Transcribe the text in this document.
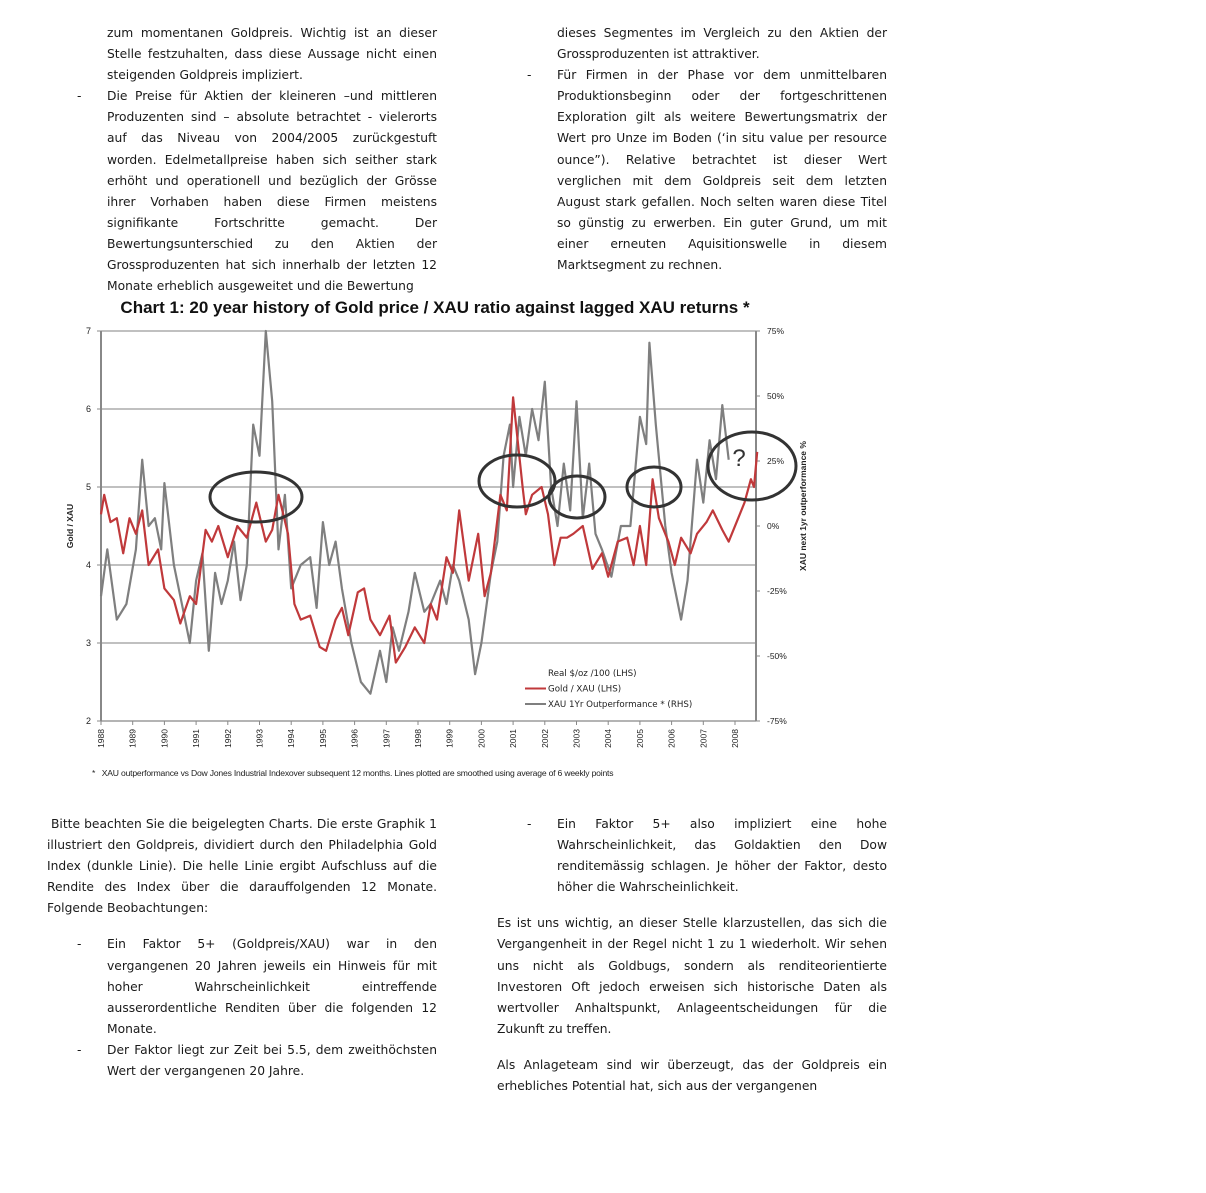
zum momentanen Goldpreis. Wichtig ist an dieser Stelle festzuhalten, dass diese Aussage nicht einen steigenden Goldpreis impliziert.

- Die Preise für Aktien der kleineren –und mittleren Produzenten sind – absolute betrachtet - vielerorts auf das Niveau von 2004/2005 zurückgestuft worden. Edelmetallpreise haben sich seither stark erhöht und operationell und bezüglich der Grösse ihrer Vorhaben haben diese Firmen meistens signifikante Fortschritte gemacht. Der Bewertungsunterschied zu den Aktien der Grossproduzenten hat sich innerhalb der letzten 12 Monate erheblich ausgeweitet und die Bewertung

dieses Segmentes im Vergleich zu den Aktien der Grossproduzenten ist attraktiver.

- Für Firmen in der Phase vor dem unmittelbaren Produktionsbeginn oder der fortgeschrittenen Exploration gilt als weitere Bewertungsmatrix der Wert pro Unze im Boden (‘in situ value per resource ounce”). Relative betrachtet ist dieser Wert verglichen mit dem Goldpreis seit dem letzten August stark gefallen. Noch selten waren diese Titel so günstig zu erwerben. Ein guter Grund, um mit einer erneuten Aquisitionswelle in diesem Marktsegment zu rechnen.
Chart 1: 20 year history of Gold price / XAU ratio against lagged XAU returns *
?
2
3
4
5
6
7
-75%
-50%
-25%
0%
25%
50%
75%
1988	1989	1990	1991	1992	1993	1994	1995	1996	1997	1998	1999	2000	2001	2002	2003	2004	2005	2006	2007	2008
Gold / XAU	XAU next 1yr outperformance %
Real $/oz /100 (LHS)
Gold / XAU (LHS)
XAU 1Yr Outperformance * (RHS)
* XAU outperformance vs Dow Jones Industrial Indexover subsequent 12 months. Lines plotted are smoothed using average of 6 weekly points

Bitte beachten Sie die beigelegten Charts. Die erste Graphik 1 illustriert den Goldpreis, dividiert durch den Philadelphia Gold Index (dunkle Linie). Die helle Linie ergibt Aufschluss auf die Rendite des Index über die darauffolgenden 12 Monate. Folgende Beobachtungen:

- Ein Faktor 5+ (Goldpreis/XAU) war in den vergangenen 20 Jahren jeweils ein Hinweis für mit hoher Wahrscheinlichkeit eintreffende ausserordentliche Renditen über die folgenden 12 Monate.
- Der Faktor liegt zur Zeit bei 5.5, dem zweithöchsten Wert der vergangenen 20 Jahre.
- Ein Faktor 5+ also impliziert eine hohe Wahrscheinlichkeit, das Goldaktien den Dow renditemässig schlagen. Je höher der Faktor, desto höher die Wahrscheinlichkeit.

Es ist uns wichtig, an dieser Stelle klarzustellen, das sich die Vergangenheit in der Regel nicht 1 zu 1 wiederholt. Wir sehen uns nicht als Goldbugs, sondern als renditeorientierte Investoren Oft jedoch erweisen sich historische Daten als wertvoller Anhaltspunkt, Anlageentscheidungen für die Zukunft zu treffen.

Als Anlageteam sind wir überzeugt, das der Goldpreis ein erhebliches Potential hat, sich aus der vergangenen
